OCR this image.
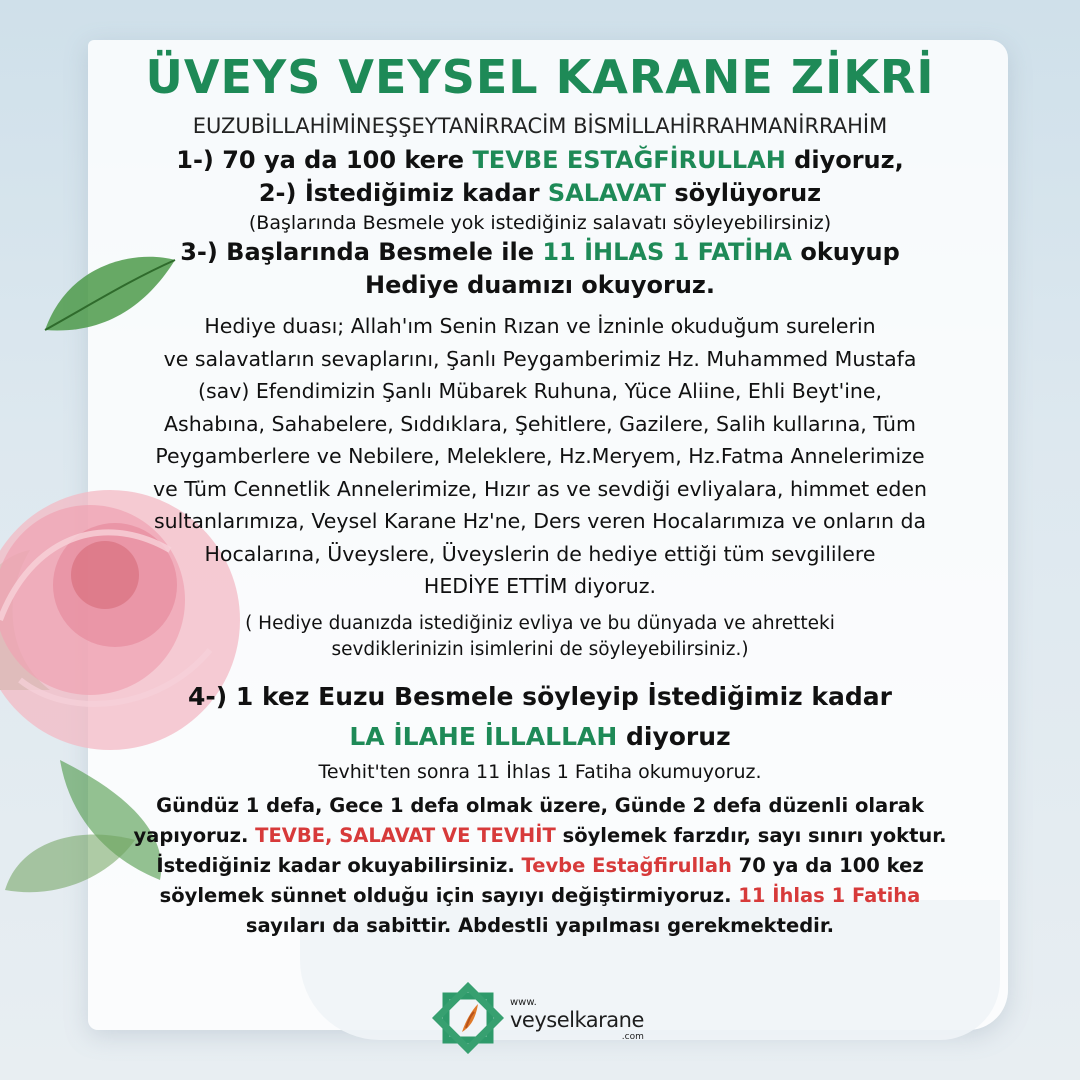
ÜVEYS VEYSEL KARANE ZİKRİ

EUZUBİLLAHİMİNEŞŞEYTANİRRACİM BİSMİLLAHİRRAHMANİRRAHİM

1-) 70 ya da 100 kere TEVBE ESTAĞFİRULLAH diyoruz,

2-) İstediğimiz kadar SALAVAT söylüyoruz

(Başlarında Besmele yok istediğiniz salavatı söyleyebilirsiniz)

3-) Başlarında Besmele ile 11 İHLAS 1 FATİHA okuyup

Hediye duamızı okuyoruz.

Hediye duası; Allah'ım Senin Rızan ve İzninle okuduğum surelerin
ve salavatların sevaplarını, Şanlı Peygamberimiz Hz. Muhammed Mustafa
(sav) Efendimizin Şanlı Mübarek Ruhuna, Yüce Aliine, Ehli Beyt'ine,
Ashabına, Sahabelere, Sıddıklara, Şehitlere, Gazilere, Salih kullarına, Tüm
Peygamberlere ve Nebilere, Meleklere, Hz.Meryem, Hz.Fatma Annelerimize
ve Tüm Cennetlik Annelerimize, Hızır as ve sevdiği evliyalara, himmet eden
sultanlarımıza, Veysel Karane Hz'ne, Ders veren Hocalarımıza ve onların da
Hocalarına, Üveyslere, Üveyslerin de hediye ettiği tüm sevgililere
HEDİYE ETTİM diyoruz.
( Hediye duanızda istediğiniz evliya ve bu dünyada ve ahretteki
sevdiklerinizin isimlerini de söyleyebilirsiniz.)

4-) 1 kez Euzu Besmele söyleyip İstediğimiz kadar

LA İLAHE İLLALLAH diyoruz

Tevhit'ten sonra 11 İhlas 1 Fatiha okumuyoruz.

Gündüz 1 defa, Gece 1 defa olmak üzere, Günde 2 defa düzenli olarak
yapıyoruz. TEVBE, SALAVAT VE TEVHİT söylemek farzdır, sayı sınırı yoktur.
İstediğiniz kadar okuyabilirsiniz. Tevbe Estağfirullah 70 ya da 100 kez
söylemek sünnet olduğu için sayıyı değiştirmiyoruz. 11 İhlas 1 Fatiha
sayıları da sabittir. Abdestli yapılması gerekmektedir.
www.
veyselkarane
.com
